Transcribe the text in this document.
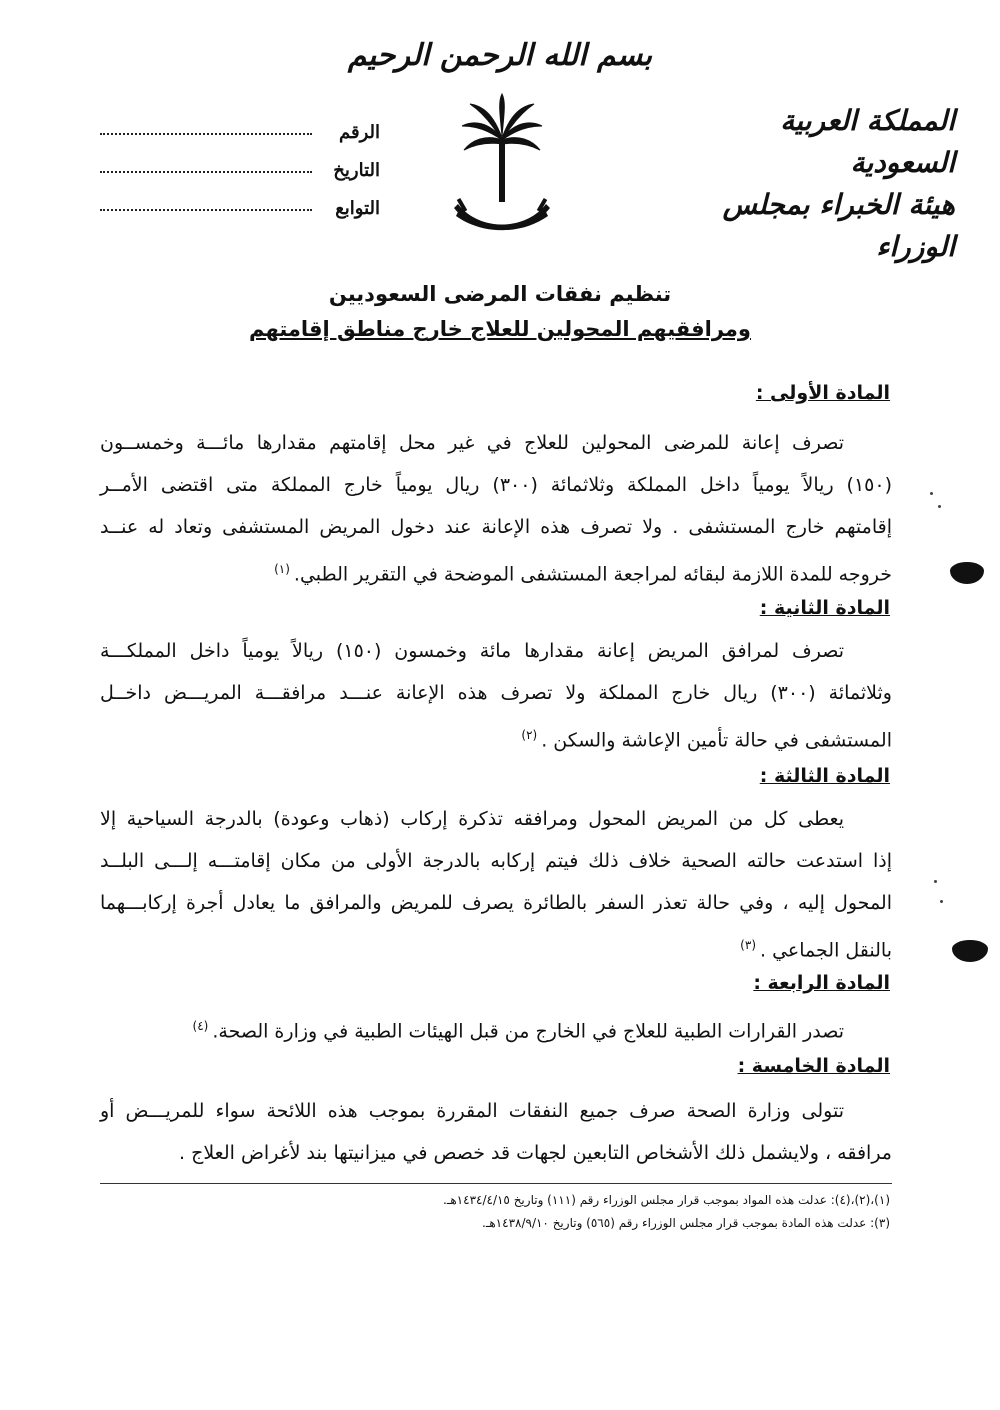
بسم الله الرحمن الرحيم
المملكة العربية السعودية
هيئة الخبراء بمجلس الوزراء
الرقم
التاريخ
التوابع
تنظيم نفقات المرضى السعوديين
ومرافقيهم المحولين للعلاج خارج مناطق إقامتهم
المادة الأولى :
تصرف إعانة للمرضى المحولين للعلاج في غير محل إقامتهم مقدارها مائـــة وخمســون
(١٥٠) ريالاً يومياً داخل المملكة وثلاثمائة (٣٠٠) ريال يومياً خارج المملكة متى اقتضى الأمــر
إقامتهم خارج المستشفى . ولا تصرف هذه الإعانة عند دخول المريض المستشفى وتعاد له عنــد
خروجه للمدة اللازمة لبقائه لمراجعة المستشفى الموضحة في التقرير الطبي.$^{(١)}$
المادة الثانية :
تصرف لمرافق المريض إعانة مقدارها مائة وخمسون (١٥٠) ريالاً يومياً داخل المملكـــة
وثلاثمائة (٣٠٠) ريال خارج المملكة ولا تصرف هذه الإعانة عنـــد مرافقـــة المريـــض داخــل
المستشفى في حالة تأمين الإعاشة والسكن .$^{(٢)}$
المادة الثالثة :
يعطى كل من المريض المحول ومرافقه تذكرة إركاب (ذهاب وعودة) بالدرجة السياحية إلا
إذا استدعت حالته الصحية خلاف ذلك فيتم إركابه بالدرجة الأولى من مكان إقامتـــه إلـــى البلــد
المحول إليه ، وفي حالة تعذر السفر بالطائرة يصرف للمريض والمرافق ما يعادل أجرة إركابـــهما
بالنقل الجماعي .$^{(٣)}$
المادة الرابعة :
تصدر القرارات الطبية للعلاج في الخارج من قبل الهيئات الطبية في وزارة الصحة.$^{(٤)}$
المادة الخامسة :
تتولى وزارة الصحة صرف جميع النفقات المقررة بموجب هذه اللائحة سواء للمريـــض أو
مرافقه ، ولايشمل ذلك الأشخاص التابعين لجهات قد خصص في ميزانيتها بند لأغراض العلاج .
(١)،(٢)،(٤): عدلت هذه المواد بموجب قرار مجلس الوزراء رقم (١١١) وتاريخ ١٤٣٤/٤/١٥هـ.
(٣): عدلت هذه المادة بموجب قرار مجلس الوزراء رقم (٥٦٥) وتاريخ ١٤٣٨/٩/١٠هـ.
